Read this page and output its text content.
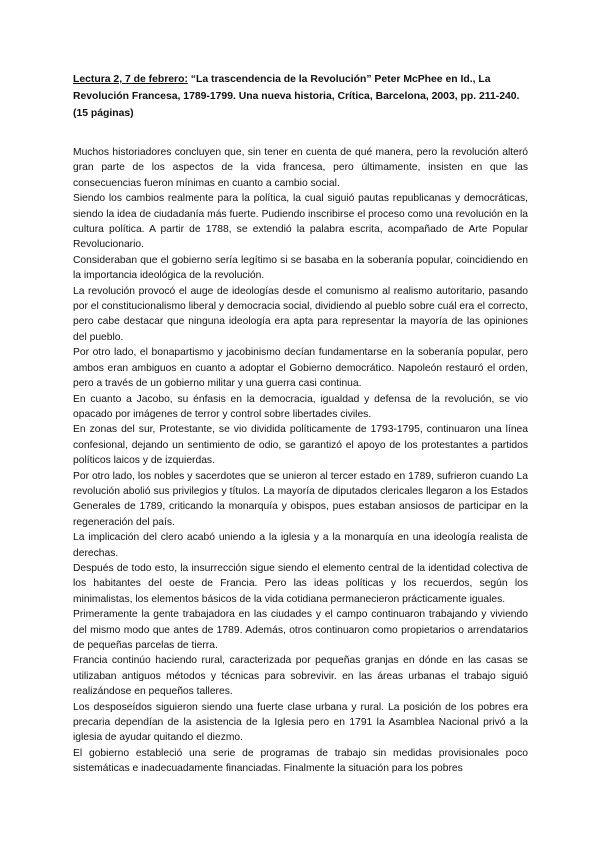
Lectura 2, 7 de febrero: “La trascendencia de la Revolución” Peter McPhee en Id., La Revolución Francesa, 1789-1799. Una nueva historia, Crítica, Barcelona, 2003, pp. 211-240. (15 páginas)

Muchos historiadores concluyen que, sin tener en cuenta de qué manera, pero la revolución alteró gran parte de los aspectos de la vida francesa, pero últimamente, insisten en que las consecuencias fueron mínimas en cuanto a cambio social.

Siendo los cambios realmente para la política, la cual siguió pautas republicanas y democráticas, siendo la idea de ciudadanía más fuerte. Pudiendo inscribirse el proceso como una revolución en la cultura política. A partir de 1788, se extendió la palabra escrita, acompañado de Arte Popular Revolucionario.

Consideraban que el gobierno sería legítimo si se basaba en la soberanía popular, coincidiendo en la importancia ideológica de la revolución.

La revolución provocó el auge de ideologías desde el comunismo al realismo autoritario, pasando por el constitucionalismo liberal y democracia social, dividiendo al pueblo sobre cuál era el correcto, pero cabe destacar que ninguna ideología era apta para representar la mayoría de las opiniones del pueblo.

Por otro lado, el bonapartismo y jacobinismo decían fundamentarse en la soberanía popular, pero ambos eran ambiguos en cuanto a adoptar el Gobierno democrático. Napoleón restauró el orden, pero a través de un gobierno militar y una guerra casi continua.

En cuanto a Jacobo, su énfasis en la democracia, igualdad y defensa de la revolución, se vio opacado por imágenes de terror y control sobre libertades civiles.

En zonas del sur, Protestante, se vio dividida políticamente de 1793-1795, continuaron una línea confesional, dejando un sentimiento de odio, se garantizó el apoyo de los protestantes a partidos políticos laicos y de izquierdas.

Por otro lado, los nobles y sacerdotes que se unieron al tercer estado en 1789, sufrieron cuando La revolución abolió sus privilegios y títulos. La mayoría de diputados clericales llegaron a los Estados Generales de 1789, criticando la monarquía y obispos, pues estaban ansiosos de participar en la regeneración del país.

La implicación del clero acabó uniendo a la iglesia y a la monarquía en una ideología realista de derechas.

Después de todo esto, la insurrección sigue siendo el elemento central de la identidad colectiva de los habitantes del oeste de Francia. Pero las ideas políticas y los recuerdos, según los minimalistas, los elementos básicos de la vida cotidiana permanecieron prácticamente iguales.

Primeramente la gente trabajadora en las ciudades y el campo continuaron trabajando y viviendo del mismo modo que antes de 1789. Además, otros continuaron como propietarios o arrendatarios de pequeñas parcelas de tierra.

Francia continúo haciendo rural, caracterizada por pequeñas granjas en dónde en las casas se utilizaban antiguos métodos y técnicas para sobrevivir. en las áreas urbanas el trabajo siguió realizándose en pequeños talleres.

Los desposeídos siguieron siendo una fuerte clase urbana y rural. La posición de los pobres era precaria dependían de la asistencia de la Iglesia pero en 1791 la Asamblea Nacional privó a la iglesia de ayudar quitando el diezmo.

El gobierno estableció una serie de programas de trabajo sin medidas provisionales poco sistemáticas e inadecuadamente financiadas. Finalmente la situación para los pobres
